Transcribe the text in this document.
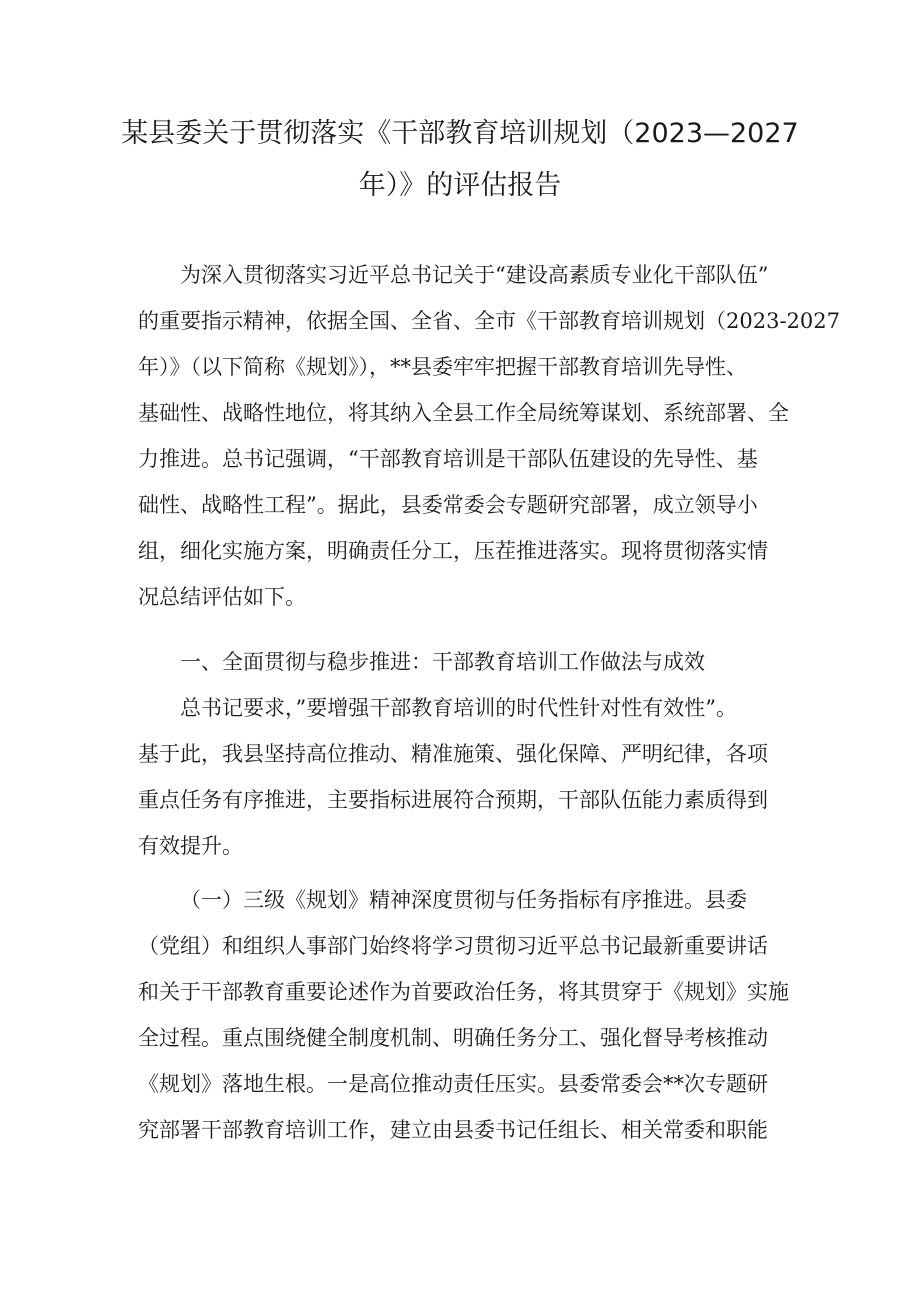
某县委关于贯彻落实《干部教育培训规划（2023—2027
年）》的评估报告
为深入贯彻落实习近平总书记关于“建设高素质专业化干部队伍”
的重要指示精神，依据全国、全省、全市《干部教育培训规划（2023-2027
年）》（以下简称《规划》），**县委牢牢把握干部教育培训先导性、
基础性、战略性地位，将其纳入全县工作全局统筹谋划、系统部署、全
力推进。总书记强调，“干部教育培训是干部队伍建设的先导性、基
础性、战略性工程”。据此，县委常委会专题研究部署，成立领导小
组，细化实施方案，明确责任分工，压茬推进落实。现将贯彻落实情
况总结评估如下。
一、全面贯彻与稳步推进：干部教育培训工作做法与成效
总书记要求，”要增强干部教育培训的时代性针对性有效性”。
基于此，我县坚持高位推动、精准施策、强化保障、严明纪律，各项
重点任务有序推进，主要指标进展符合预期，干部队伍能力素质得到
有效提升。
（一）三级《规划》精神深度贯彻与任务指标有序推进。县委
（党组）和组织人事部门始终将学习贯彻习近平总书记最新重要讲话
和关于干部教育重要论述作为首要政治任务，将其贯穿于《规划》实施
全过程。重点围绕健全制度机制、明确任务分工、强化督导考核推动
《规划》落地生根。一是高位推动责任压实。县委常委会**次专题研
究部署干部教育培训工作，建立由县委书记任组长、相关常委和职能
